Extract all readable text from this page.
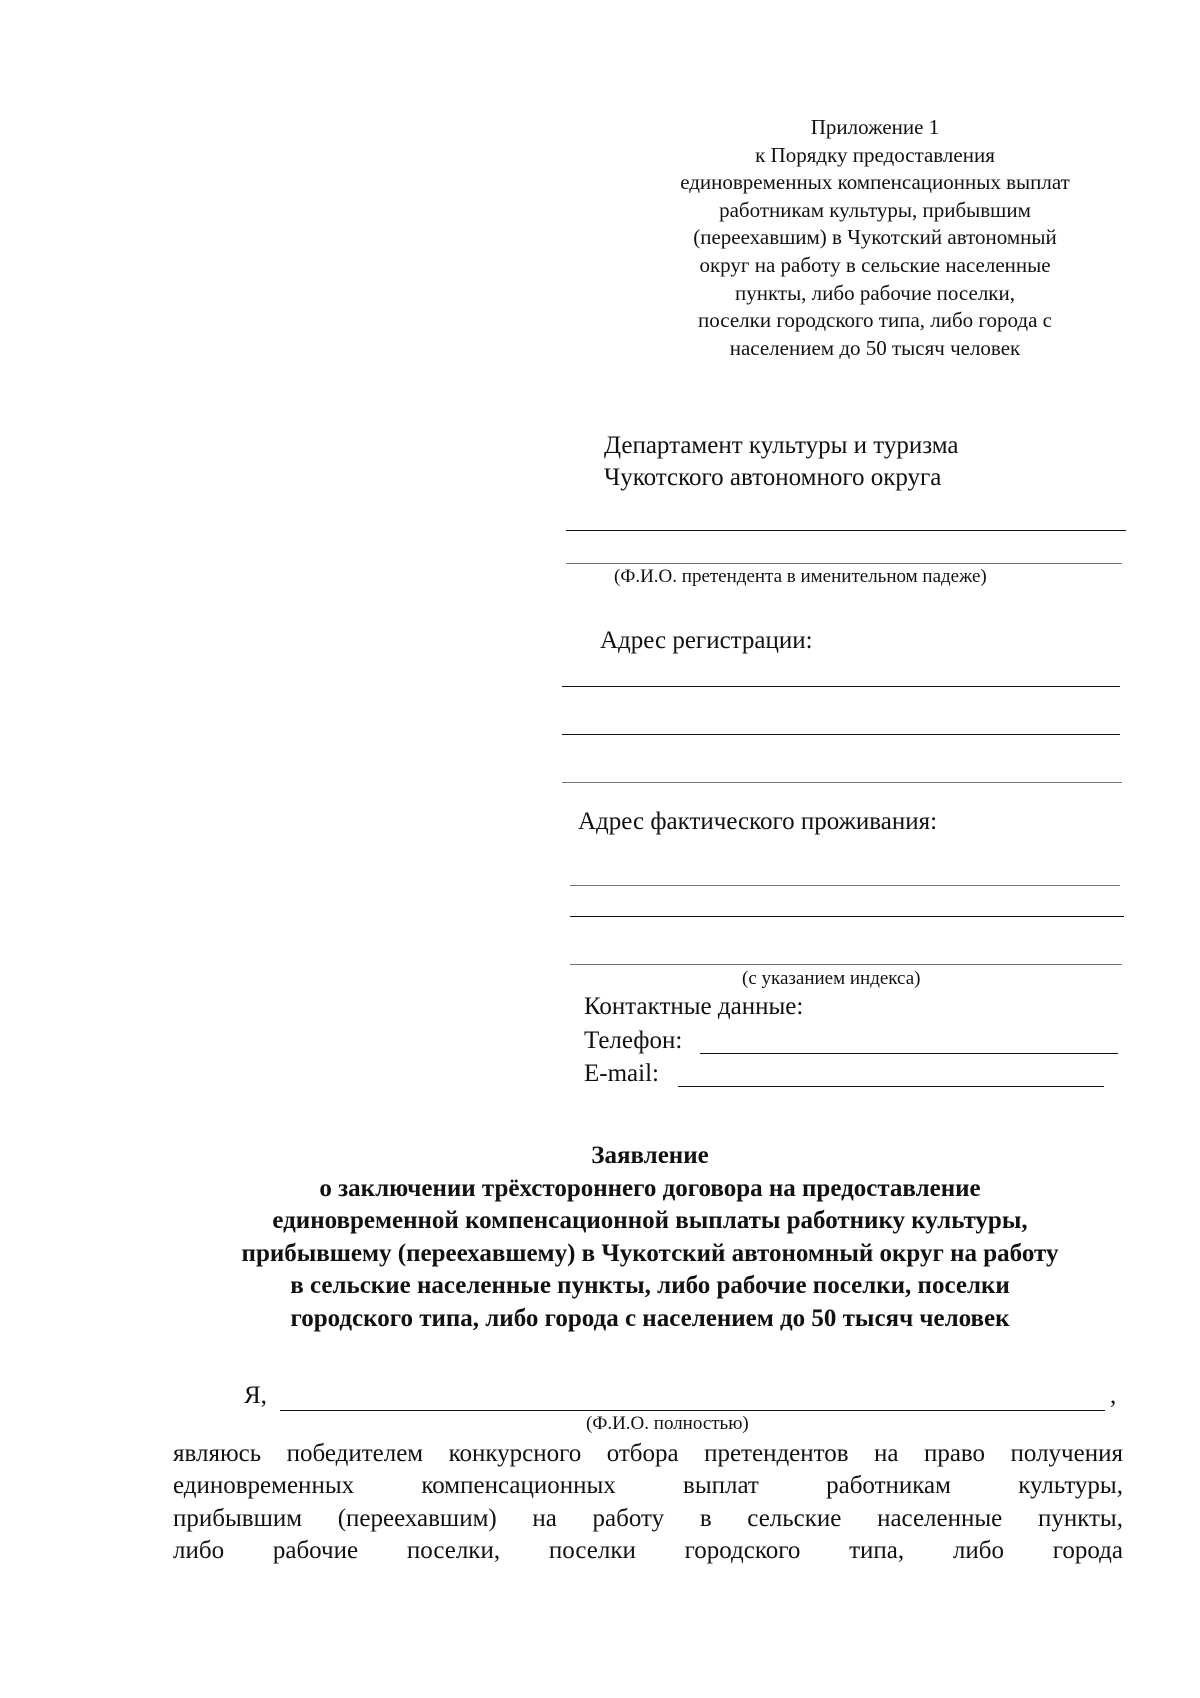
Приложение 1
к Порядку предоставления
единовременных компенсационных выплат
работникам культуры, прибывшим
(переехавшим) в Чукотский автономный
округ на работу в сельские населенные
пункты, либо рабочие поселки,
поселки городского типа, либо города с
населением до 50 тысяч человек
Департамент культуры и туризма
Чукотского автономного округа
(Ф.И.О. претендента в именительном падеже)
Адрес регистрации:
Адрес фактического проживания:
(с указанием индекса)
Контактные данные:
Телефон:
E-mail:
Заявление
о заключении трёхстороннего договора на предоставление
единовременной компенсационной выплаты работнику культуры,
прибывшему (переехавшему) в Чукотский автономный округ на работу
в сельские населенные пункты, либо рабочие поселки, поселки
городского типа, либо города с населением до 50 тысяч человек
Я,	,
(Ф.И.О. полностью)
являюсь победителем конкурсного отбора претендентов на право получения
единовременных	компенсационных	выплат	работникам	культуры,
прибывшим (переехавшим) на работу в сельские населенные пункты,
либо рабочие поселки, поселки городского типа, либо города
